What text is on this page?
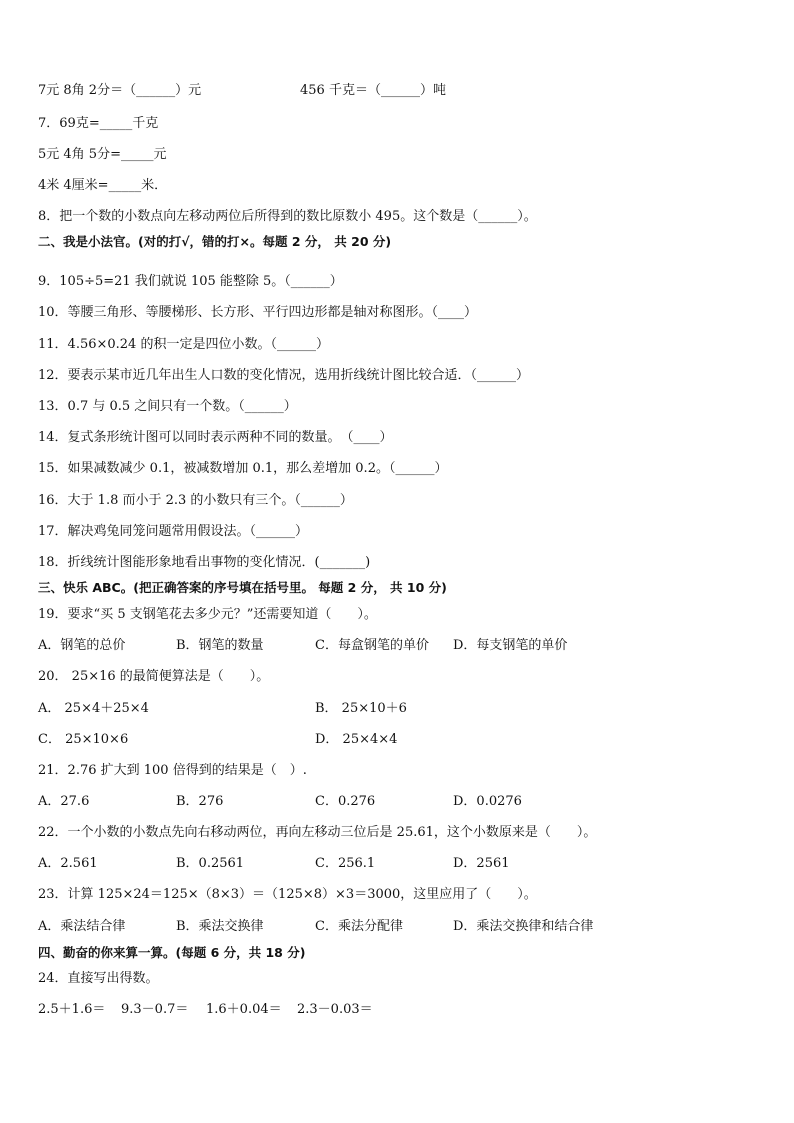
7元 8角 2分＝（______）元	456 千克＝（______）吨
7．69克=_____千克
5元 4角 5分=_____元
4米 4厘米=_____米．
8．把一个数的小数点向左移动两位后所得到的数比原数小 495。这个数是（______）。
二、我是小法官。(对的打√，错的打×。每题 2 分， 共 20 分)
9．105÷5=21 我们就说 105 能整除 5。（______）
10．等腰三角形、等腰梯形、长方形、平行四边形都是轴对称图形。（____）
11．4.56×0.24 的积一定是四位小数。（______）
12．要表示某市近几年出生人口数的变化情况，选用折线统计图比较合适．（______）
13．0.7 与 0.5 之间只有一个数。（______）
14．复式条形统计图可以同时表示两种不同的数量。　（____）
15．如果减数减少 0.1，被减数增加 0.1，那么差增加 0.2。（______）
16．大于 1.8 而小于 2.3 的小数只有三个。（______）
17．解决鸡兔同笼问题常用假设法。（______）
18．折线统计图能形象地看出事物的变化情况．(_______)
三、快乐 ABC。(把正确答案的序号填在括号里。 每题 2 分， 共 10 分)
19．要求“买 5 支钢笔花去多少元？”还需要知道（　　）。
A．钢笔的总价	B．钢笔的数量	C．每盒钢笔的单价 D．每支钢笔的单价
20． 25×16 的最简便算法是（　　）。
A． 25×4＋25×4	B． 25×10＋6
C． 25×10×6	D． 25×4×4
21．2.76 扩大到 100 倍得到的结果是（　）.
A．27.6	B．276	C．0.276	D．0.0276
22．一个小数的小数点先向右移动两位，再向左移动三位后是 25.61，这个小数原来是（　　）。
A．2.561	B．0.2561	C．256.1	D．2561
23．计算 125×24＝125×（8×3）＝（125×8）×3＝3000，这里应用了（　　）。
A．乘法结合律	B．乘法交换律	C．乘法分配律	D．乘法交换律和结合律
四、勤奋的你来算一算。(每题 6 分，共 18 分)
24．直接写出得数。
2.5＋1.6＝ 9.3－0.7＝ 1.6＋0.04＝ 2.3－0.03＝
